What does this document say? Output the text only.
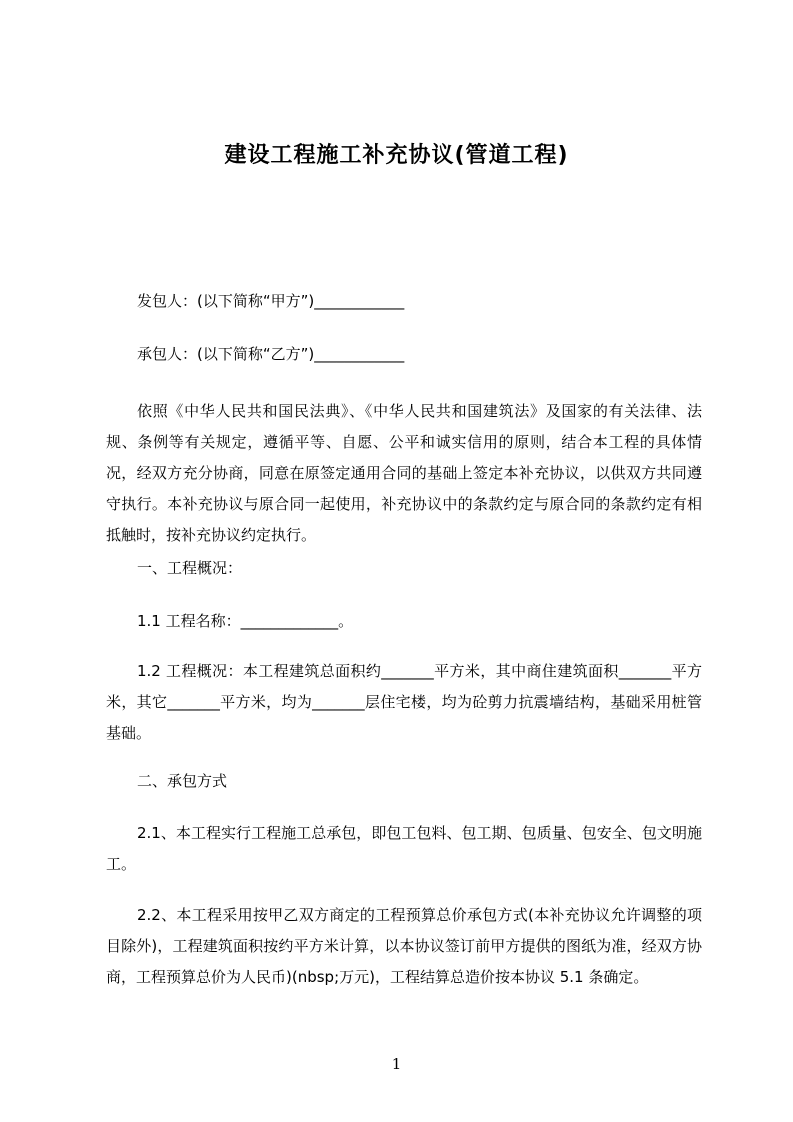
建设工程施工补充协议(管道工程)
发包人：(以下简称“甲方”)____________
承包人：(以下简称“乙方”)____________

依照《中华人民共和国民法典》、《中华人民共和国建筑法》及国家的有关法律、法规、条例等有关规定，遵循平等、自愿、公平和诚实信用的原则，结合本工程的具体情况，经双方充分协商，同意在原签定通用合同的基础上签定本补充协议，以供双方共同遵守执行。本补充协议与原合同一起使用，补充协议中的条款约定与原合同的条款约定有相抵触时，按补充协议约定执行。

一、工程概况：
1.1 工程名称：_____________。

1.2 工程概况：本工程建筑总面积约_______平方米，其中商住建筑面积_______平方米，其它_______平方米，均为_______层住宅楼，均为砼剪力抗震墙结构，基础采用桩管基础。

二、承包方式

2.1、本工程实行工程施工总承包，即包工包料、包工期、包质量、包安全、包文明施工。

2.2、本工程采用按甲乙双方商定的工程预算总价承包方式(本补充协议允许调整的项目除外)，工程建筑面积按约平方米计算，以本协议签订前甲方提供的图纸为准，经双方协商，工程预算总价为人民币)(nbsp;万元)，工程结算总造价按本协议 5.1 条确定。

1
